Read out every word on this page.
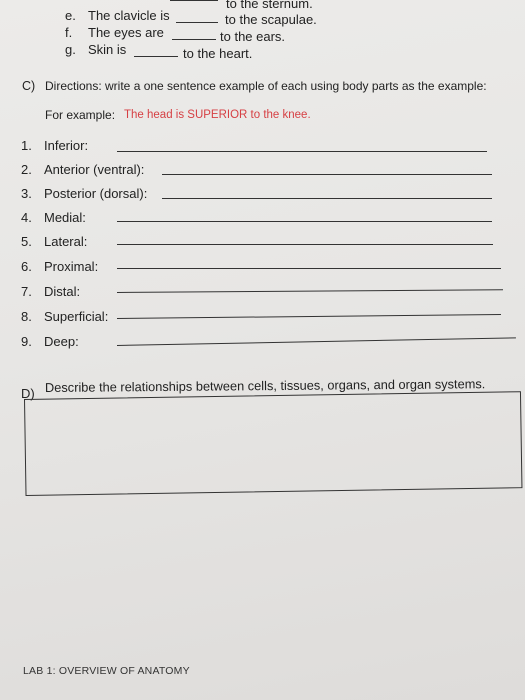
to the sternum.
e. The clavicle is	to the scapulae.
f. The eyes are	to the ears.
g. Skin is	to the heart.
C) Directions: write a one sentence example of each using body parts as the example:
For example: The head is SUPERIOR to the knee.
1. Inferior:
2. Anterior (ventral):
3. Posterior (dorsal):
4. Medial:
5. Lateral:
6. Proximal:
7. Distal:
8. Superficial:
9. Deep:
D) Describe the relationships between cells, tissues, organs, and organ systems.
LAB 1: OVERVIEW OF ANATOMY
